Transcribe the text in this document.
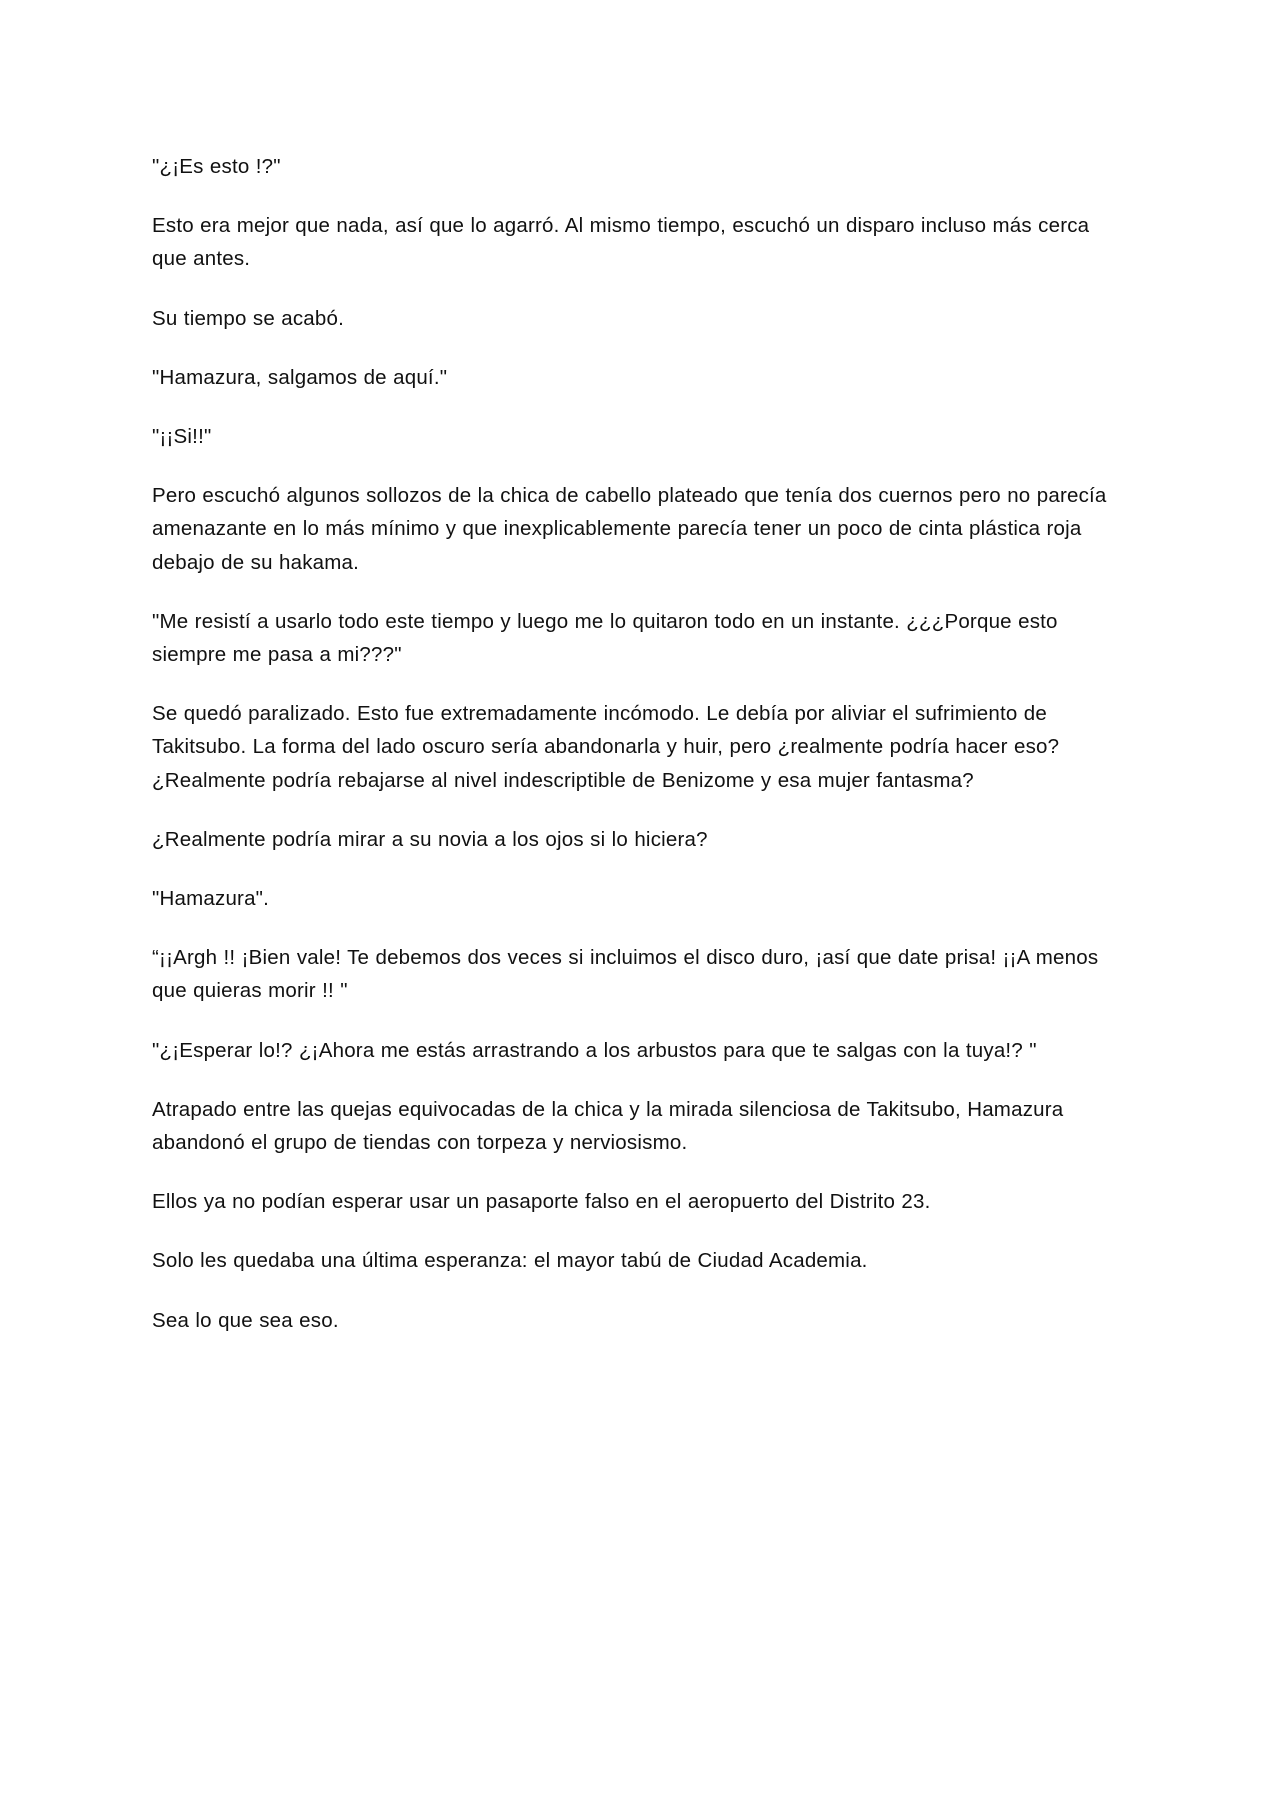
"¿¡Es esto !?"

Esto era mejor que nada, así que lo agarró. Al mismo tiempo, escuchó un disparo incluso más cerca que antes.

Su tiempo se acabó.

"Hamazura, salgamos de aquí."

"¡¡Si!!"

Pero escuchó algunos sollozos de la chica de cabello plateado que tenía dos cuernos pero no parecía amenazante en lo más mínimo y que inexplicablemente parecía tener un poco de cinta plástica roja debajo de su hakama.

"Me resistí a usarlo todo este tiempo y luego me lo quitaron todo en un instante. ¿¿¿Porque esto siempre me pasa a mi???"

Se quedó paralizado. Esto fue extremadamente incómodo. Le debía por aliviar el sufrimiento de Takitsubo. La forma del lado oscuro sería abandonarla y huir, pero ¿realmente podría hacer eso? ¿Realmente podría rebajarse al nivel indescriptible de Benizome y esa mujer fantasma?

¿Realmente podría mirar a su novia a los ojos si lo hiciera?

"Hamazura".

“¡¡Argh !! ¡Bien vale! Te debemos dos veces si incluimos el disco duro, ¡así que date prisa! ¡¡A menos que quieras morir !! "

"¿¡Esperar lo!? ¿¡Ahora me estás arrastrando a los arbustos para que te salgas con la tuya!? "

Atrapado entre las quejas equivocadas de la chica y la mirada silenciosa de Takitsubo, Hamazura abandonó el grupo de tiendas con torpeza y nerviosismo.

Ellos ya no podían esperar usar un pasaporte falso en el aeropuerto del Distrito 23.

Solo les quedaba una última esperanza: el mayor tabú de Ciudad Academia.

Sea lo que sea eso.
